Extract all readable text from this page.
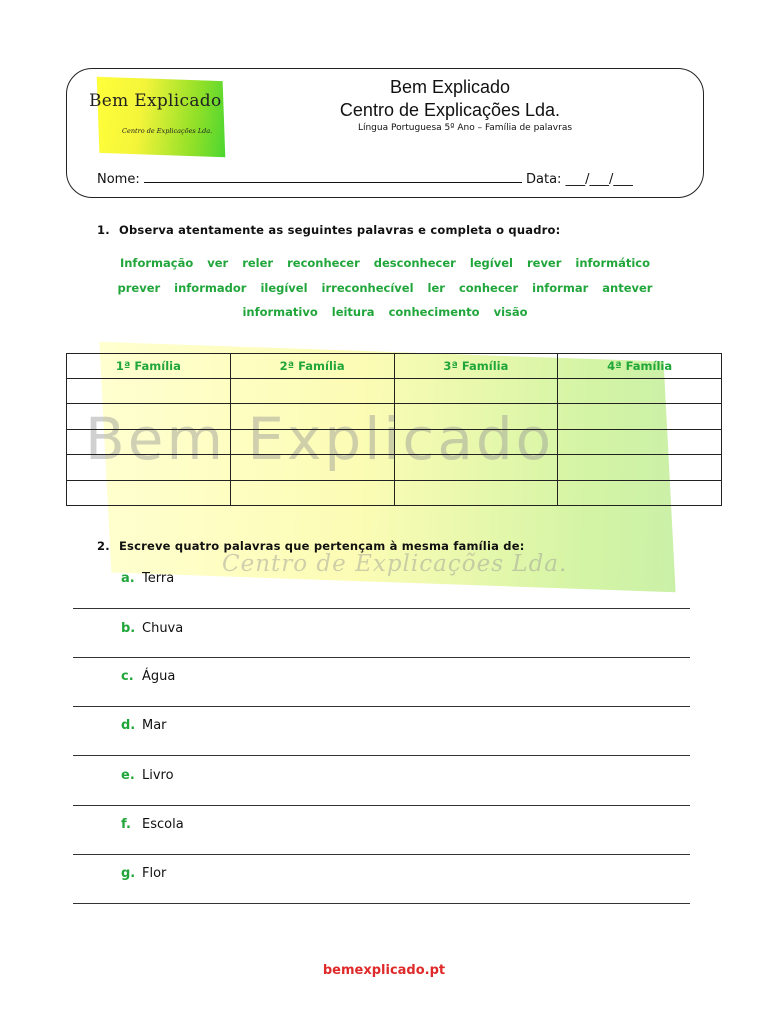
Bem Explicado
Centro de Explicações Lda.
Bem Explicado
Centro de Explicações Lda.
Bem Explicado
Centro de Explicações Lda.
Língua Portuguesa 5º Ano – Família de palavras
Nome:	Data: ___/___/___
1. Observa atentamente as seguintes palavras e completa o quadro:
Informação ver reler reconhecer desconhecer legível rever informático
prever informador ilegível irreconhecível ler conhecer informar antever
informativo leitura conhecimento visão
1ª Família	2ª Família	3ª Família	4ª Família

2. Escreve quatro palavras que pertençam à mesma família de:
a. Terra
b. Chuva
c. Água
d. Mar
e. Livro
f. Escola
g. Flor
bemexplicado.pt
